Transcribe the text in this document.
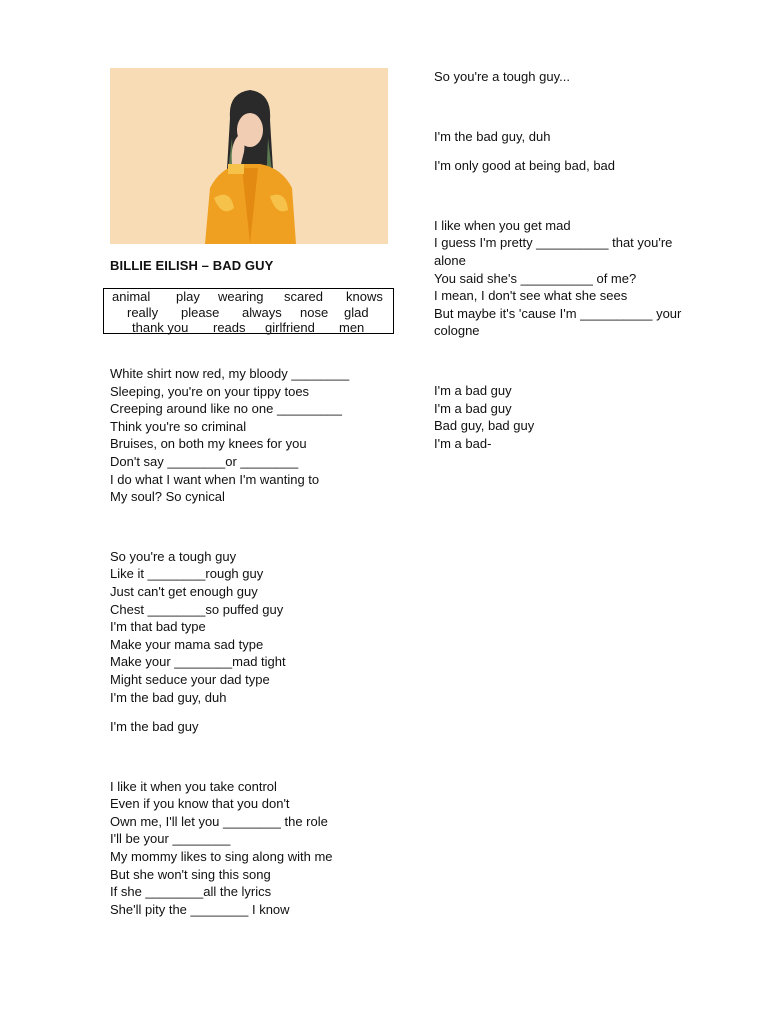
BILLIE EILISH – BAD GUY
animal play wearing scared knows
really please always nose glad
thank you reads girlfriend men
White shirt now red, my bloody ________
Sleeping, you're on your tippy toes
Creeping around like no one _________
Think you're so criminal
Bruises, on both my knees for you
Don't say ________or ________
I do what I want when I'm wanting to
My soul? So cynical
So you're a tough guy
Like it ________rough guy
Just can't get enough guy
Chest ________so puffed guy
I'm that bad type
Make your mama sad type
Make your ________mad tight
Might seduce your dad type
I'm the bad guy, duh
I'm the bad guy
I like it when you take control
Even if you know that you don't
Own me, I'll let you ________ the role
I'll be your ________
My mommy likes to sing along with me
But she won't sing this song
If she ________all the lyrics
She'll pity the ________ I know
So you're a tough guy...
I'm the bad guy, duh
I'm only good at being bad, bad
I like when you get mad
I guess I'm pretty __________ that you're
alone
You said she's __________ of me?
I mean, I don't see what she sees
But maybe it's 'cause I'm __________ your
cologne
I'm a bad guy
I'm a bad guy
Bad guy, bad guy
I'm a bad-
